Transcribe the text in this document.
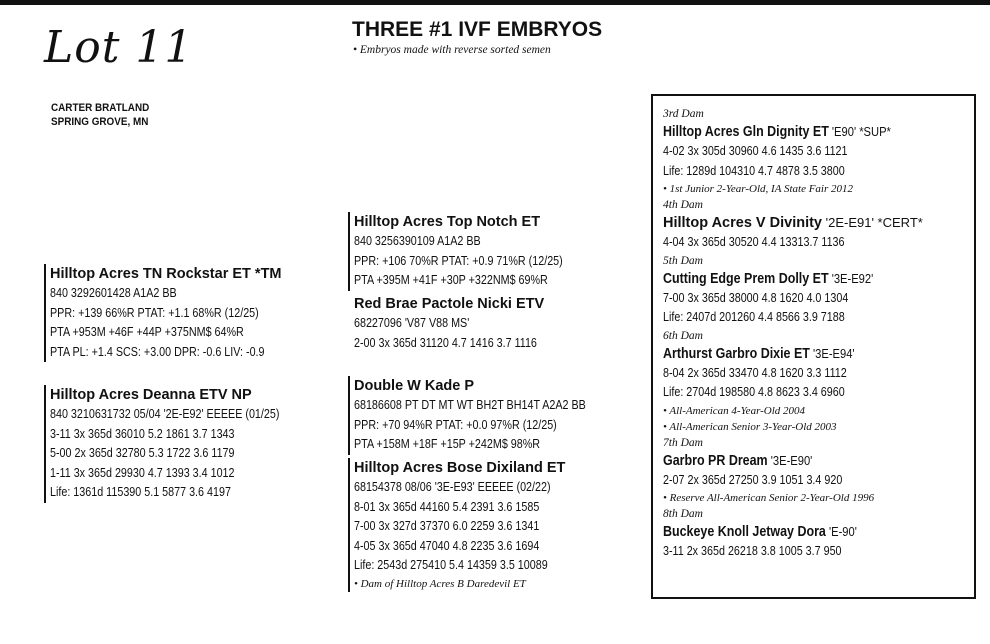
Lot 11	THREE #1 IVF EMBRYOS
• Embryos made with reverse sorted semen
CARTER BRATLAND
SPRING GROVE, MN
Hilltop Acres TN Rockstar ET *TM
840 3292601428 A1A2 BB
PPR: +139 66%R PTAT: +1.1 68%R (12/25)
PTA +953M +46F +44P +375NM$ 64%R
PTA PL: +1.4 SCS: +3.00 DPR: -0.6 LIV: -0.9
Hilltop Acres Deanna ETV NP
840 3210631732 05/04 '2E-E92' EEEEE (01/25)
3-11 3x 365d 36010 5.2 1861 3.7 1343
5-00 2x 365d 32780 5.3 1722 3.6 1179
1-11 3x 365d 29930 4.7 1393 3.4 1012
Life: 1361d 115390 5.1 5877 3.6 4197
Hilltop Acres Top Notch ET
840 3256390109 A1A2 BB
PPR: +106 70%R PTAT: +0.9 71%R (12/25)
PTA +395M +41F +30P +322NM$ 69%R
Red Brae Pactole Nicki ETV
68227096 'V87 V88 MS'
2-00 3x 365d 31120 4.7 1416 3.7 1116
Double W Kade P
68186608 PT DT MT WT BH2T BH14T A2A2 BB
PPR: +70 94%R PTAT: +0.0 97%R (12/25)
PTA +158M +18F +15P +242M$ 98%R
Hilltop Acres Bose Dixiland ET
68154378 08/06 '3E-E93' EEEEE (02/22)
8-01 3x 365d 44160 5.4 2391 3.6 1585
7-00 3x 327d 37370 6.0 2259 3.6 1341
4-05 3x 365d 47040 4.8 2235 3.6 1694
Life: 2543d 275410 5.4 14359 3.5 10089

• Dam of Hilltop Acres B Daredevil ET
3rd Dam
Hilltop Acres Gln Dignity ET 'E90' *SUP*
4-02 3x 305d 30960 4.6 1435 3.6 1121
Life: 1289d 104310 4.7 4878 3.5 3800
• 1st Junior 2-Year-Old, IA State Fair 2012
4th Dam
Hilltop Acres V Divinity '2E-E91' *CERT*
4-04 3x 365d 30520 4.4 13313.7 1136
5th Dam
Cutting Edge Prem Dolly ET '3E-E92'
7-00 3x 365d 38000 4.8 1620 4.0 1304
Life: 2407d 201260 4.4 8566 3.9 7188
6th Dam
Arthurst Garbro Dixie ET '3E-E94'
8-04 2x 365d 33470 4.8 1620 3.3 1112
Life: 2704d 198580 4.8 8623 3.4 6960
• All-American 4-Year-Old 2004
• All-American Senior 3-Year-Old 2003
7th Dam
Garbro PR Dream '3E-E90'
2-07 2x 365d 27250 3.9 1051 3.4 920
• Reserve All-American Senior 2-Year-Old 1996
8th Dam
Buckeye Knoll Jetway Dora 'E-90'
3-11 2x 365d 26218 3.8 1005 3.7 950
